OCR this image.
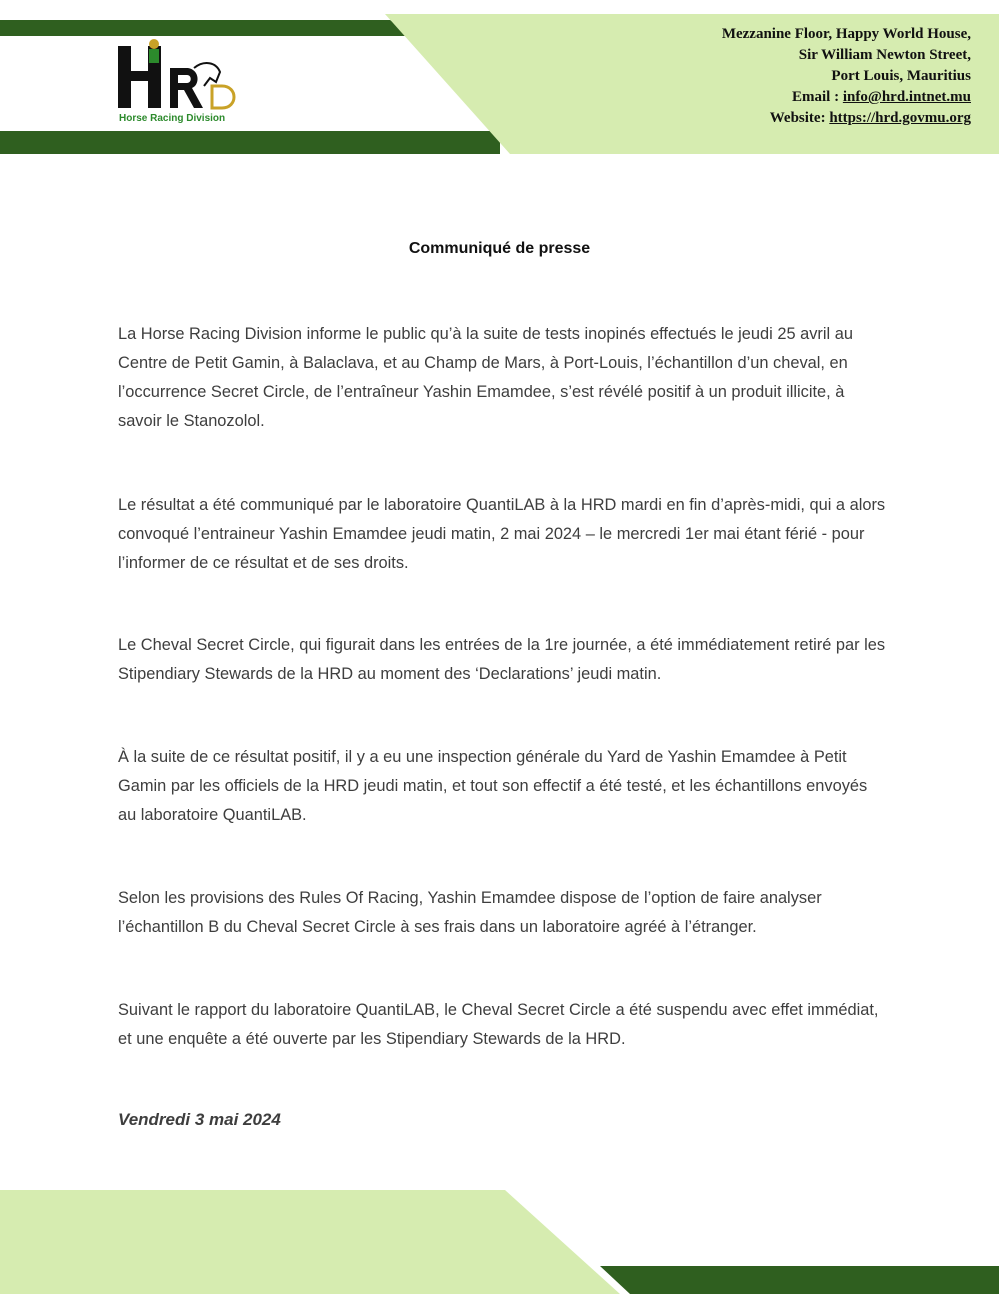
Horse Racing Division
Mezzanine Floor, Happy World House,
Sir William Newton Street,
Port Louis, Mauritius
Email : info@hrd.intnet.mu
Website: https://hrd.govmu.org
Communiqué de presse

La Horse Racing Division informe le public qu’à la suite de tests inopinés effectués le jeudi 25 avril au Centre de Petit Gamin, à Balaclava, et au Champ de Mars, à Port-Louis, l’échantillon d’un cheval, en l’occurrence Secret Circle, de l’entraîneur Yashin Emamdee, s’est révélé positif à un produit illicite, à savoir le Stanozolol.

Le résultat a été communiqué par le laboratoire QuantiLAB à la HRD mardi en fin d’après-midi, qui a alors convoqué l’entraineur Yashin Emamdee jeudi matin, 2 mai 2024 – le mercredi 1er mai étant férié - pour l’informer de ce résultat et de ses droits.

Le Cheval Secret Circle, qui figurait dans les entrées de la 1re journée, a été immédiatement retiré par les Stipendiary Stewards de la HRD au moment des ‘Declarations’ jeudi matin.

À la suite de ce résultat positif, il y a eu une inspection générale du Yard de Yashin Emamdee à Petit Gamin par les officiels de la HRD jeudi matin, et tout son effectif a été testé, et les échantillons envoyés au laboratoire QuantiLAB.

Selon les provisions des Rules Of Racing, Yashin Emamdee dispose de l’option de faire analyser l’échantillon B du Cheval Secret Circle à ses frais dans un laboratoire agréé à l’étranger.

Suivant le rapport du laboratoire QuantiLAB, le Cheval Secret Circle a été suspendu avec effet immédiat, et une enquête a été ouverte par les Stipendiary Stewards de la HRD.

Vendredi 3 mai 2024
